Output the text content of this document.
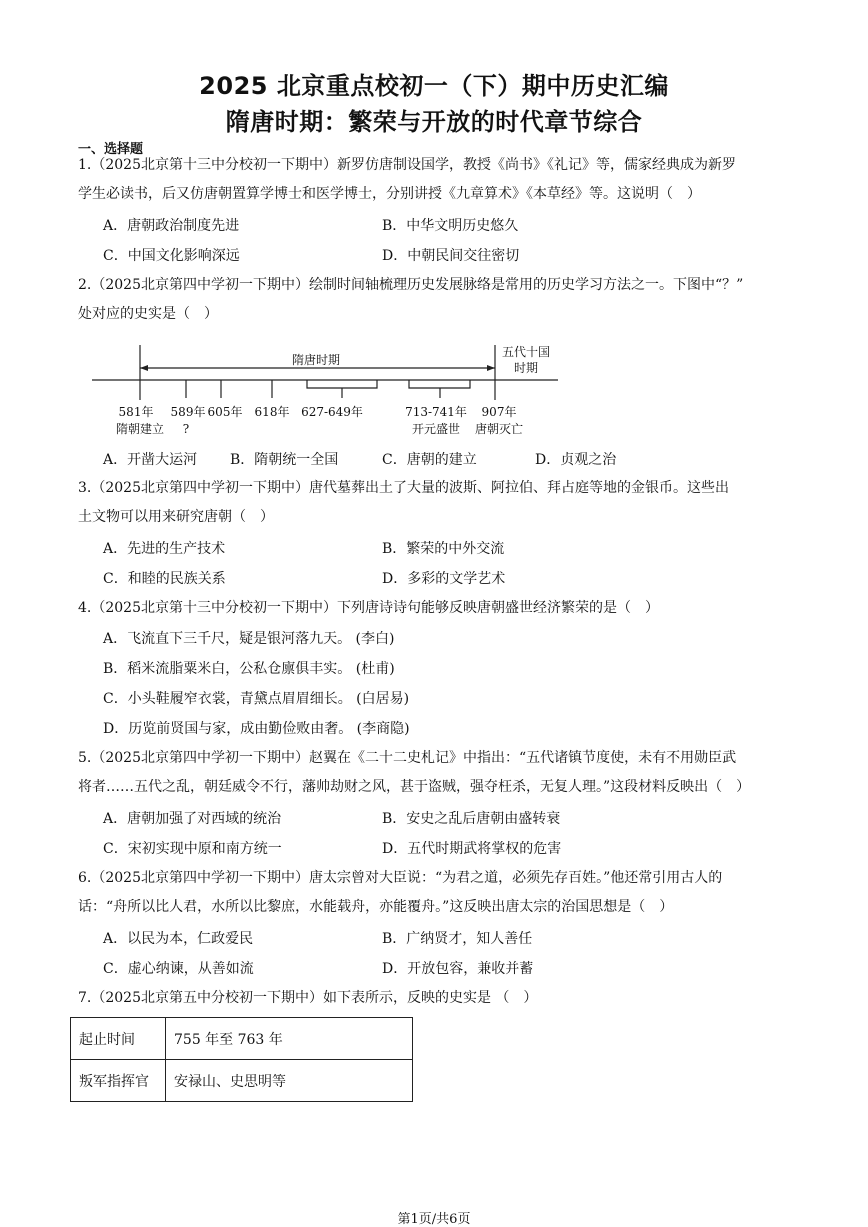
2025 北京重点校初一（下）期中历史汇编
隋唐时期：繁荣与开放的时代章节综合
一、选择题
1.（2025北京第十三中分校初一下期中）新罗仿唐制设国学，教授《尚书》《礼记》等，儒家经典成为新罗
学生必读书，后又仿唐朝置算学博士和医学博士，分别讲授《九章算术》《本草经》等。这说明（　）
A．唐朝政治制度先进	B．中华文明历史悠久
C．中国文化影响深远	D．中朝民间交往密切
2.（2025北京第四中学初一下期中）绘制时间轴梳理历史发展脉络是常用的历史学习方法之一。下图中“？”
处对应的史实是（　）
隋唐时期
五代十国
时期
581年 589年 605年 618年 627-649年	713-741年 907年
隋朝建立 ?	开元盛世 唐朝灭亡
A．开凿大运河 B．隋朝统一全国	C．唐朝的建立	D．贞观之治
3.（2025北京第四中学初一下期中）唐代墓葬出土了大量的波斯、阿拉伯、拜占庭等地的金银币。这些出
土文物可以用来研究唐朝（　）
A．先进的生产技术	B．繁荣的中外交流
C．和睦的民族关系	D．多彩的文学艺术
4.（2025北京第十三中分校初一下期中）下列唐诗诗句能够反映唐朝盛世经济繁荣的是（　）
A．飞流直下三千尺，疑是银河落九天。 (李白)
B．稻米流脂粟米白，公私仓廪俱丰实。 (杜甫)
C．小头鞋履窄衣裳，青黛点眉眉细长。 (白居易)
D．历览前贤国与家，成由勤俭败由奢。 (李商隐)
5.（2025北京第四中学初一下期中）赵翼在《二十二史札记》中指出：“五代诸镇节度使，未有不用勋臣武
将者……五代之乱，朝廷威令不行，藩帅劫财之风，甚于盗贼，强夺枉杀，无复人理。”这段材料反映出（　）
A．唐朝加强了对西域的统治	B．安史之乱后唐朝由盛转衰
C．宋初实现中原和南方统一	D．五代时期武将掌权的危害
6.（2025北京第四中学初一下期中）唐太宗曾对大臣说：“为君之道，必须先存百姓。”他还常引用古人的
话：“舟所以比人君，水所以比黎庶，水能载舟，亦能覆舟。”这反映出唐太宗的治国思想是（　）
A．以民为本，仁政爱民	B．广纳贤才，知人善任
C．虚心纳谏，从善如流	D．开放包容，兼收并蓄
7.（2025北京第五中分校初一下期中）如下表所示，反映的史实是 （　）
起止时间	755 年至 763 年
叛军指挥官	安禄山、史思明等
第1页/共6页
